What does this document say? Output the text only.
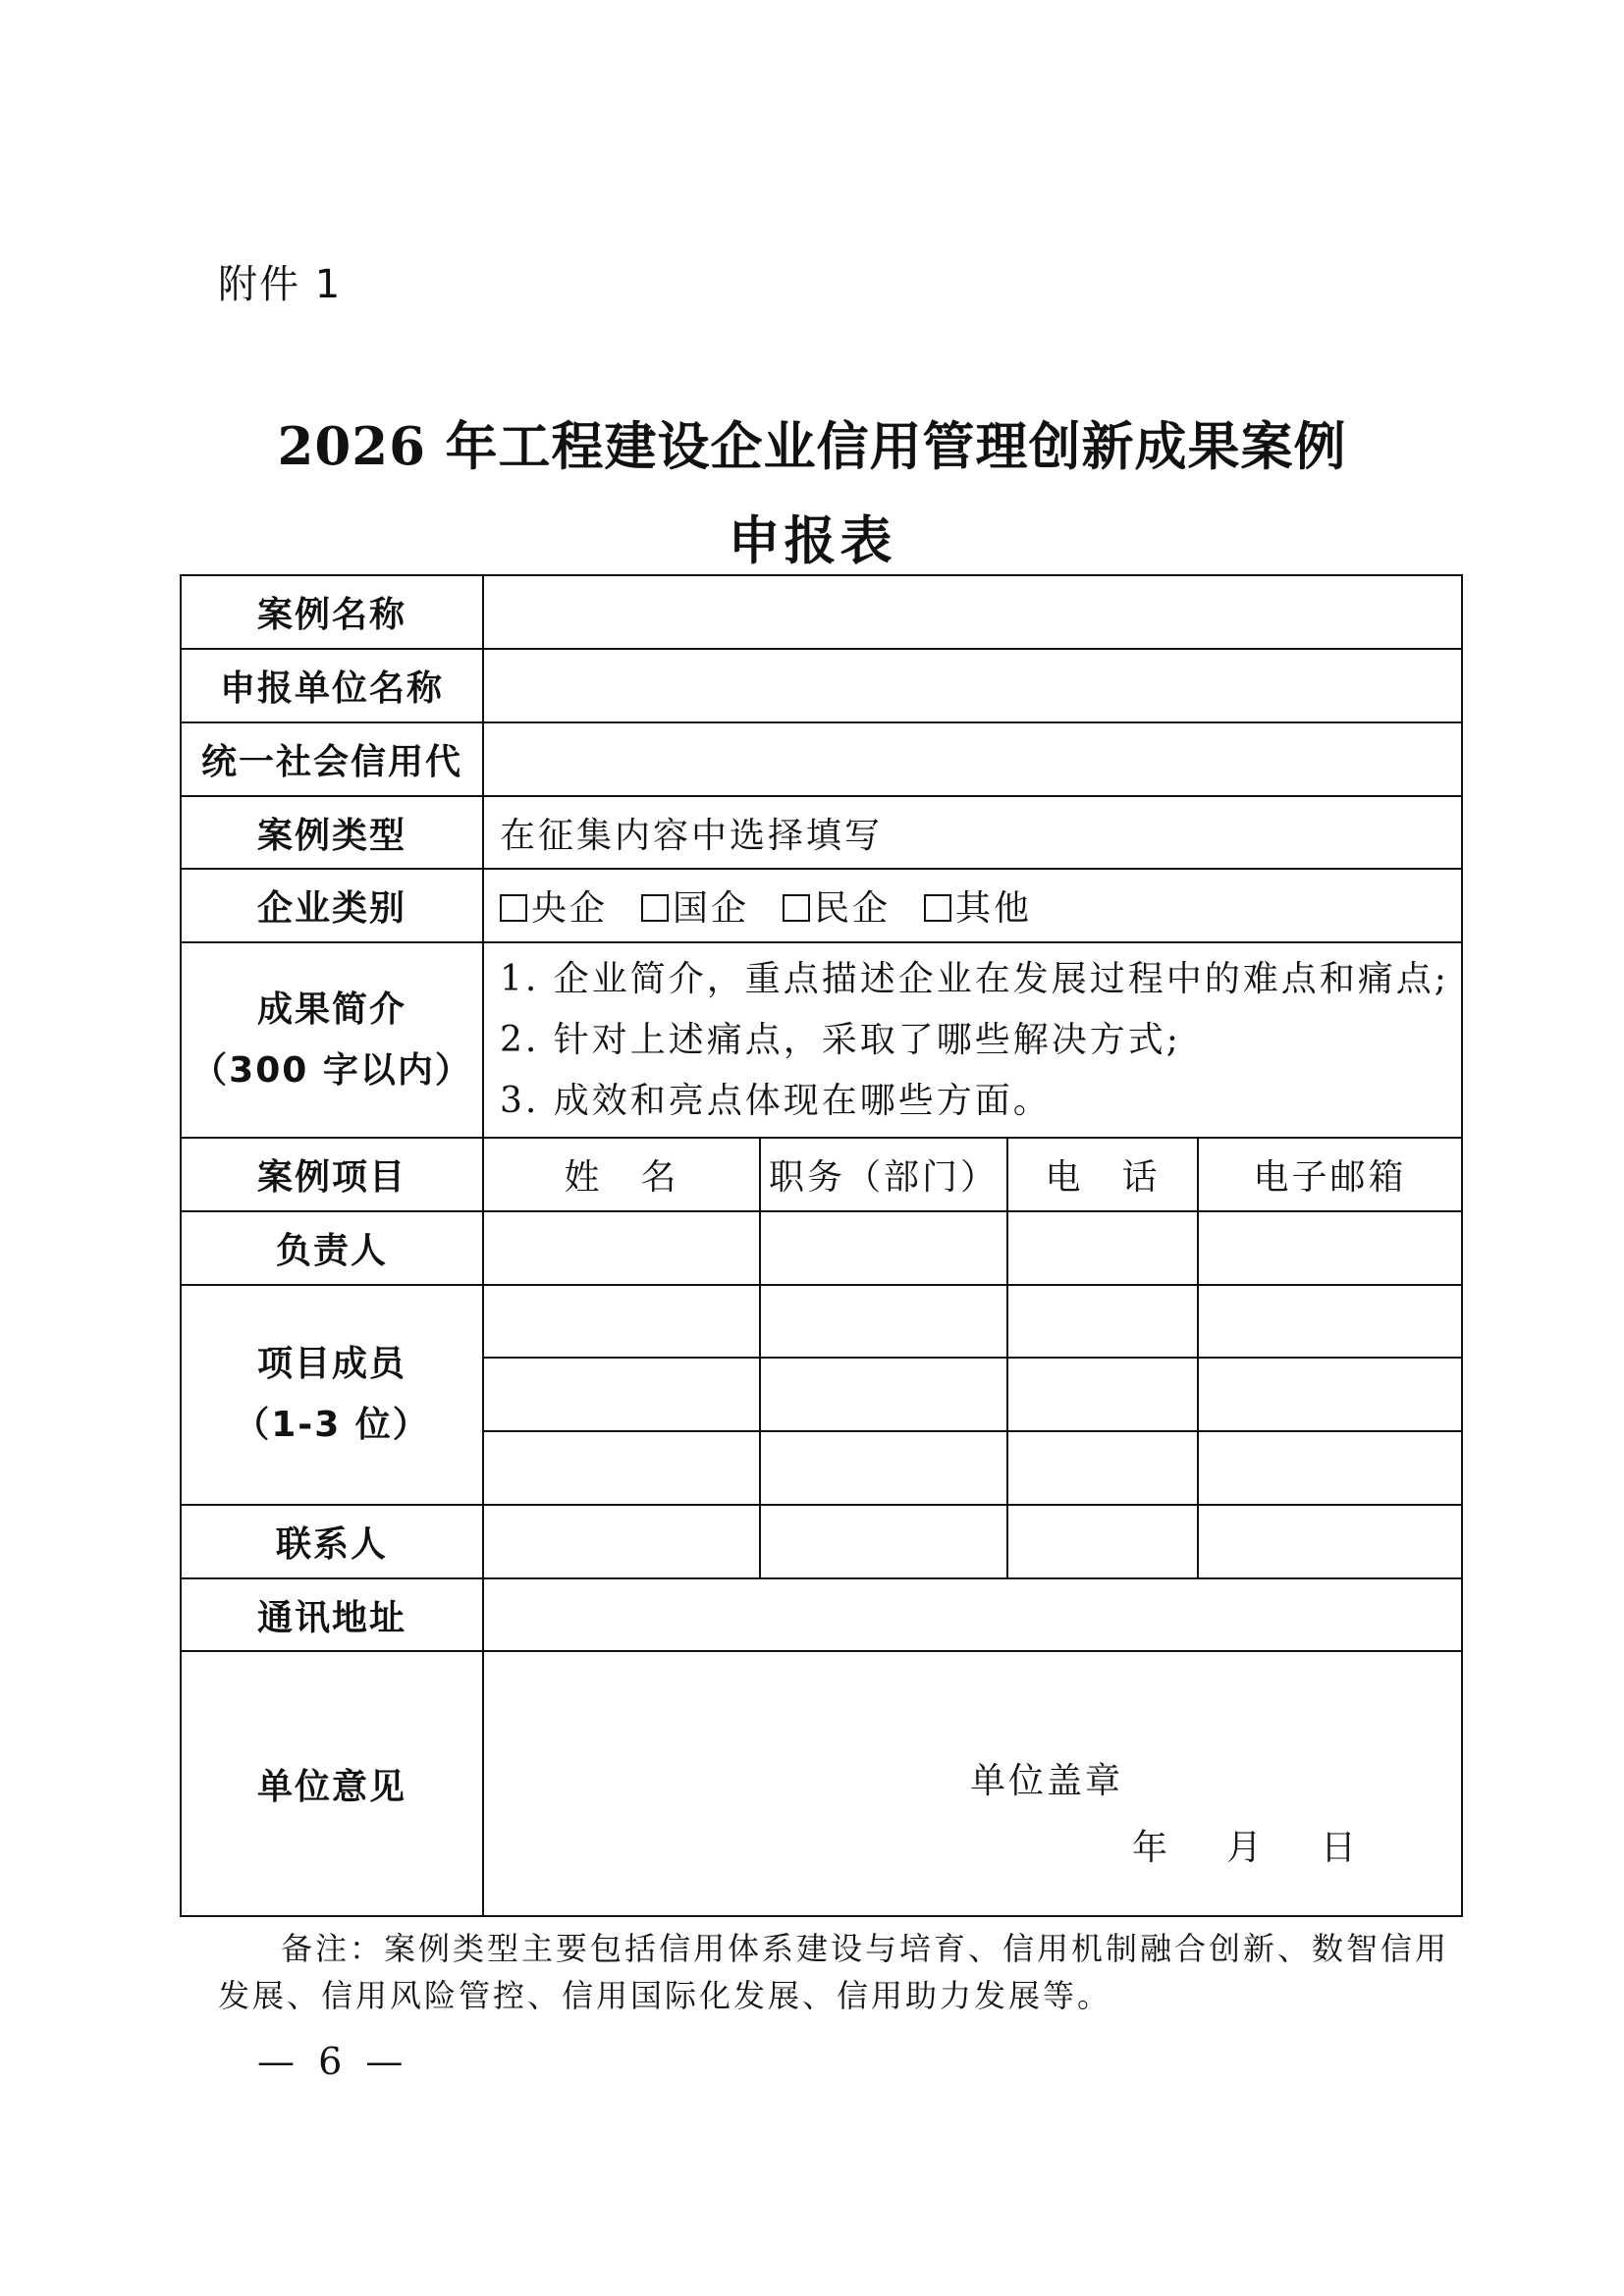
附件 1
2026 年工程建设企业信用管理创新成果案例
申报表
案例名称				
申报单位名称				
统一社会信用代				
案例类型	在征集内容中选择填写			
企业类别	央企 国企 民企 其他			

成果简介
（300 字以内）	1. 企业简介，重点描述企业在发展过程中的难点和痛点;
2. 针对上述痛点，采取了哪些解决方式;
3. 成效和亮点体现在哪些方面。			

案例项目	姓　名	职务（部门）	电　话	电子邮箱
负责人				

项目成员
（1-3 位）				

联系人				
通讯地址				
单位意见	单位盖章
年 月 日			
备注：案例类型主要包括信用体系建设与培育、信用机制融合创新、数智信用
发展、信用风险管控、信用国际化发展、信用助力发展等。
— 6 —
